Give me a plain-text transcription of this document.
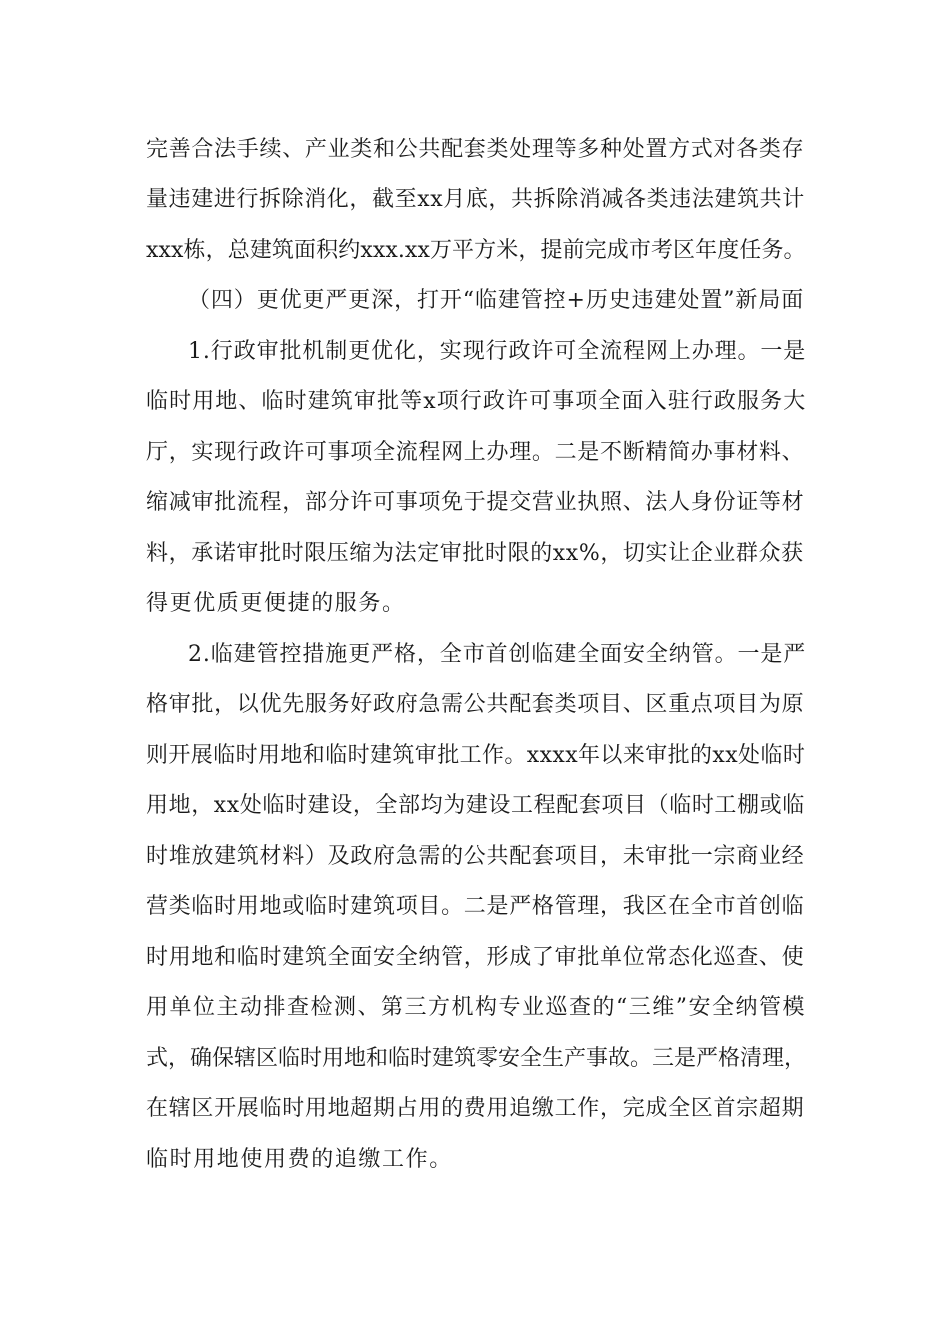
完善合法手续、产业类和公共配套类处理等多种处置方式对各类存
量违建进行拆除消化，截至xx月底，共拆除消减各类违法建筑共计
xxx栋，总建筑面积约xxx.xx万平方米，提前完成市考区年度任务。
（四）更优更严更深，打开“临建管控+历史违建处置”新局面
1.行政审批机制更优化，实现行政许可全流程网上办理。一是
临时用地、临时建筑审批等x项行政许可事项全面入驻行政服务大
厅，实现行政许可事项全流程网上办理。二是不断精简办事材料、
缩减审批流程，部分许可事项免于提交营业执照、法人身份证等材
料，承诺审批时限压缩为法定审批时限的xx%，切实让企业群众获
得更优质更便捷的服务。
2.临建管控措施更严格，全市首创临建全面安全纳管。一是严
格审批，以优先服务好政府急需公共配套类项目、区重点项目为原
则开展临时用地和临时建筑审批工作。xxxx年以来审批的xx处临时
用地，xx处临时建设，全部均为建设工程配套项目（临时工棚或临
时堆放建筑材料）及政府急需的公共配套项目，未审批一宗商业经
营类临时用地或临时建筑项目。二是严格管理，我区在全市首创临
时用地和临时建筑全面安全纳管，形成了审批单位常态化巡查、使
用单位主动排查检测、第三方机构专业巡查的“三维”安全纳管模
式，确保辖区临时用地和临时建筑零安全生产事故。三是严格清理，
在辖区开展临时用地超期占用的费用追缴工作，完成全区首宗超期
临时用地使用费的追缴工作。
